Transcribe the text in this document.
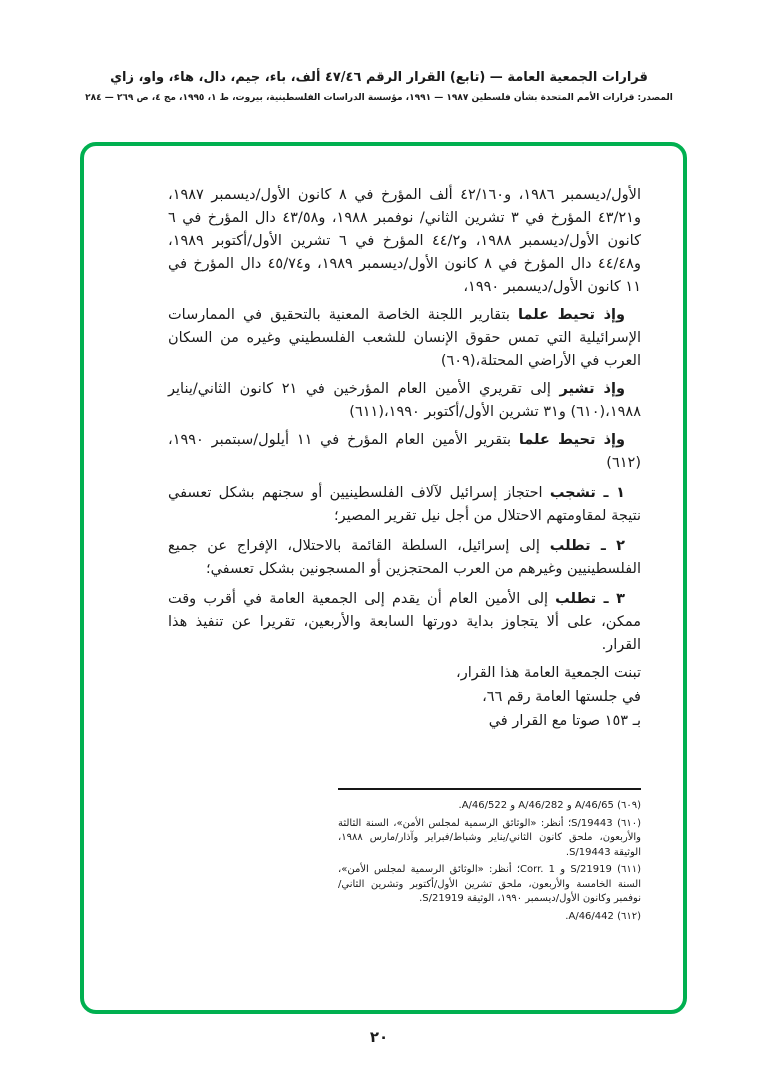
قرارات الجمعية العامة — (تابع) القرار الرقم ٤٧/٤٦ ألف، باء، جيم، دال، هاء، واو، زاي
المصدر: قرارات الأمم المتحدة بشأن فلسطين ١٩٨٧ — ١٩٩١، مؤسسة الدراسات الفلسطينية، بيروت، ط ١، ١٩٩٥، مج ٤، ص ٢٦٩ — ٢٨٤

الأول/ديسمبر ١٩٨٦، و٤٢/١٦٠ ألف المؤرخ في ٨ كانون الأول/ديسمبر ١٩٨٧، و٤٣/٢١ المؤرخ في ٣ تشرين الثاني/ نوفمبر ١٩٨٨، و٤٣/٥٨ دال المؤرخ في ٦ كانون الأول/ديسمبر ١٩٨٨، و٤٤/٢ المؤرخ في ٦ تشرين الأول/أكتوبر ١٩٨٩، و٤٤/٤٨ دال المؤرخ في ٨ كانون الأول/ديسمبر ١٩٨٩، و٤٥/٧٤ دال المؤرخ في ١١ كانون الأول/ديسمبر ١٩٩٠،

وإذ تحيط علما بتقارير اللجنة الخاصة المعنية بالتحقيق في الممارسات الإسرائيلية التي تمس حقوق الإنسان للشعب الفلسطيني وغيره من السكان العرب في الأراضي المحتلة،(٦٠٩)

وإذ تشير إلى تقريري الأمين العام المؤرخين في ٢١ كانون الثاني/يناير ١٩٨٨،(٦١٠) و٣١ تشرين الأول/أكتوبر ١٩٩٠،(٦١١)

وإذ تحيط علما بتقرير الأمين العام المؤرخ في ١١ أيلول/سبتمبر ١٩٩٠،(٦١٢)

١ ـ تشجب احتجاز إسرائيل لآلاف الفلسطينيين أو سجنهم بشكل تعسفي نتيجة لمقاومتهم الاحتلال من أجل نيل تقرير المصير؛

٢ ـ تطلب إلى إسرائيل، السلطة القائمة بالاحتلال، الإفراج عن جميع الفلسطينيين وغيرهم من العرب المحتجزين أو المسجونين بشكل تعسفي؛

٣ ـ تطلب إلى الأمين العام أن يقدم إلى الجمعية العامة في أقرب وقت ممكن، على ألا يتجاوز بداية دورتها السابعة والأربعين، تقريرا عن تنفيذ هذا القرار.

تبنت الجمعية العامة هذا القرار،

في جلستها العامة رقم ٦٦،

بـ ١٥٣ صوتا مع القرار في

(٦٠٩) A/46/65 و A/46/282 و A/46/522.

(٦١٠) S/19443؛ أنظر: «الوثائق الرسمية لمجلس الأمن»، السنة الثالثة والأربعون، ملحق كانون الثاني/يناير وشباط/فبراير وآذار/مارس ١٩٨٨، الوثيقة S/19443.

(٦١١) S/21919 و Corr. 1؛ أنظر: «الوثائق الرسمية لمجلس الأمن»، السنة الخامسة والأربعون، ملحق تشرين الأول/أكتوبر وتشرين الثاني/ نوفمبر وكانون الأول/ديسمبر ١٩٩٠، الوثيقة S/21919.

(٦١٢) A/46/442.

٢٠
